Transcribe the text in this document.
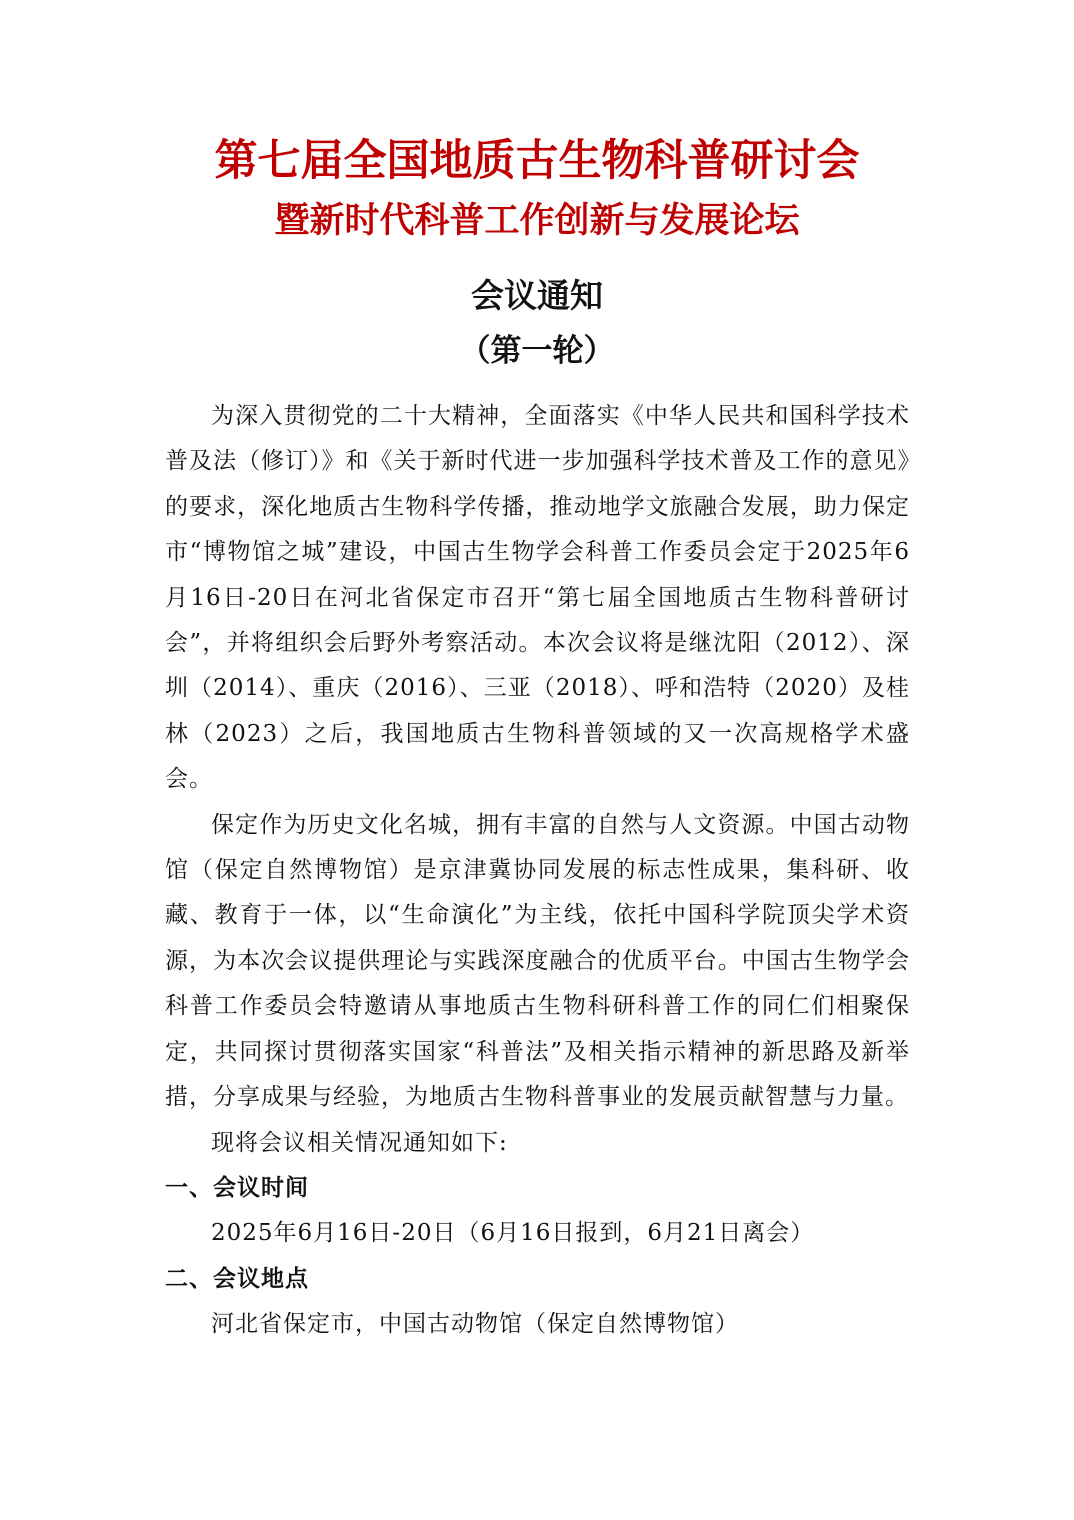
第七届全国地质古生物科普研讨会
暨新时代科普工作创新与发展论坛
会议通知
（第一轮）

为深入贯彻党的二十大精神，全面落实《中华人民共和国科学技术普及法（修订）》和《关于新时代进一步加强科学技术普及工作的意见》的要求，深化地质古生物科学传播，推动地学文旅融合发展，助力保定市“博物馆之城”建设，中国古生物学会科普工作委员会定于2025年6月16日-20日在河北省保定市召开“第七届全国地质古生物科普研讨会”，并将组织会后野外考察活动。本次会议将是继沈阳（2012）、深圳（2014）、重庆（2016）、三亚（2018）、呼和浩特（2020）及桂林（2023）之后，我国地质古生物科普领域的又一次高规格学术盛会。

保定作为历史文化名城，拥有丰富的自然与人文资源。中国古动物馆（保定自然博物馆）是京津冀协同发展的标志性成果，集科研、收藏、教育于一体，以“生命演化”为主线，依托中国科学院顶尖学术资源，为本次会议提供理论与实践深度融合的优质平台。中国古生物学会科普工作委员会特邀请从事地质古生物科研科普工作的同仁们相聚保定，共同探讨贯彻落实国家“科普法”及相关指示精神的新思路及新举措，分享成果与经验，为地质古生物科普事业的发展贡献智慧与力量。

现将会议相关情况通知如下:

一、会议时间

2025年6月16日-20日（6月16日报到，6月21日离会）

二、会议地点

河北省保定市，中国古动物馆（保定自然博物馆）
